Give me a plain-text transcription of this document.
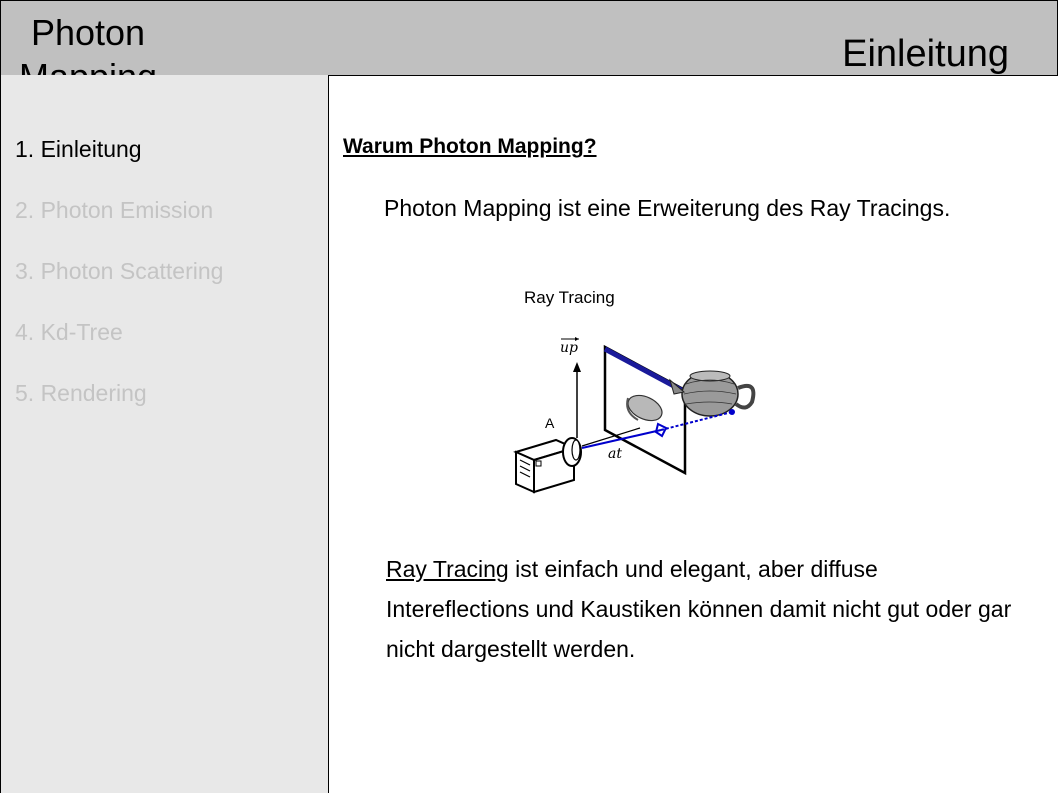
Photon
Einleitung
1. Einleitung
2. Photon Emission
3. Photon Scattering
4. Kd-Tree
5. Rendering
Warum Photon Mapping?
Photon Mapping ist eine Erweiterung des Ray Tracings.
Ray Tracing
up
A
at
Ray Tracing ist einfach und elegant, aber diffuse Intereflections und Kaustiken können damit nicht gut oder gar nicht dargestellt werden.
